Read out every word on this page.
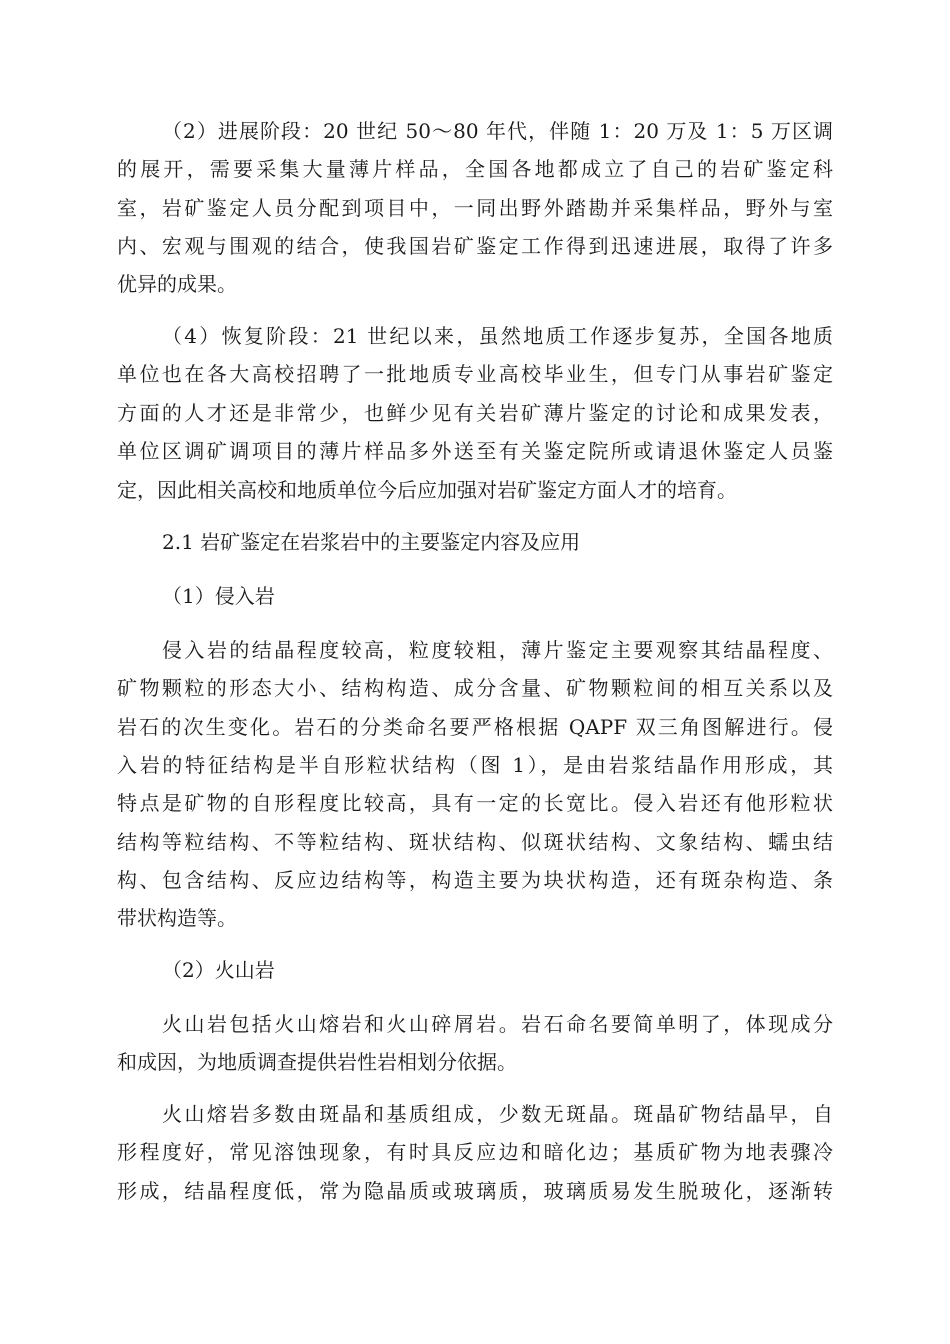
（2）进展阶段：20 世纪 50～80 年代，伴随 1：20 万及 1：5 万区调
的展开，需要采集大量薄片样品，全国各地都成立了自己的岩矿鉴定科
室，岩矿鉴定人员分配到项目中，一同出野外踏勘并采集样品，野外与室
内、宏观与围观的结合，使我国岩矿鉴定工作得到迅速进展，取得了许多
优异的成果。
（4）恢复阶段：21 世纪以来，虽然地质工作逐步复苏，全国各地质
单位也在各大高校招聘了一批地质专业高校毕业生，但专门从事岩矿鉴定
方面的人才还是非常少，也鲜少见有关岩矿薄片鉴定的讨论和成果发表，
单位区调矿调项目的薄片样品多外送至有关鉴定院所或请退休鉴定人员鉴
定，因此相关高校和地质单位今后应加强对岩矿鉴定方面人才的培育。
2.1 岩矿鉴定在岩浆岩中的主要鉴定内容及应用
（1）侵入岩
侵入岩的结晶程度较高，粒度较粗，薄片鉴定主要观察其结晶程度、
矿物颗粒的形态大小、结构构造、成分含量、矿物颗粒间的相互关系以及
岩石的次生变化。岩石的分类命名要严格根据 QAPF 双三角图解进行。侵
入岩的特征结构是半自形粒状结构（图 1），是由岩浆结晶作用形成，其
特点是矿物的自形程度比较高，具有一定的长宽比。侵入岩还有他形粒状
结构等粒结构、不等粒结构、斑状结构、似斑状结构、文象结构、蠕虫结
构、包含结构、反应边结构等，构造主要为块状构造，还有斑杂构造、条
带状构造等。
（2）火山岩
火山岩包括火山熔岩和火山碎屑岩。岩石命名要简单明了，体现成分
和成因，为地质调查提供岩性岩相划分依据。
火山熔岩多数由斑晶和基质组成，少数无斑晶。斑晶矿物结晶早，自
形程度好，常见溶蚀现象，有时具反应边和暗化边；基质矿物为地表骤冷
形成，结晶程度低，常为隐晶质或玻璃质，玻璃质易发生脱玻化，逐渐转
